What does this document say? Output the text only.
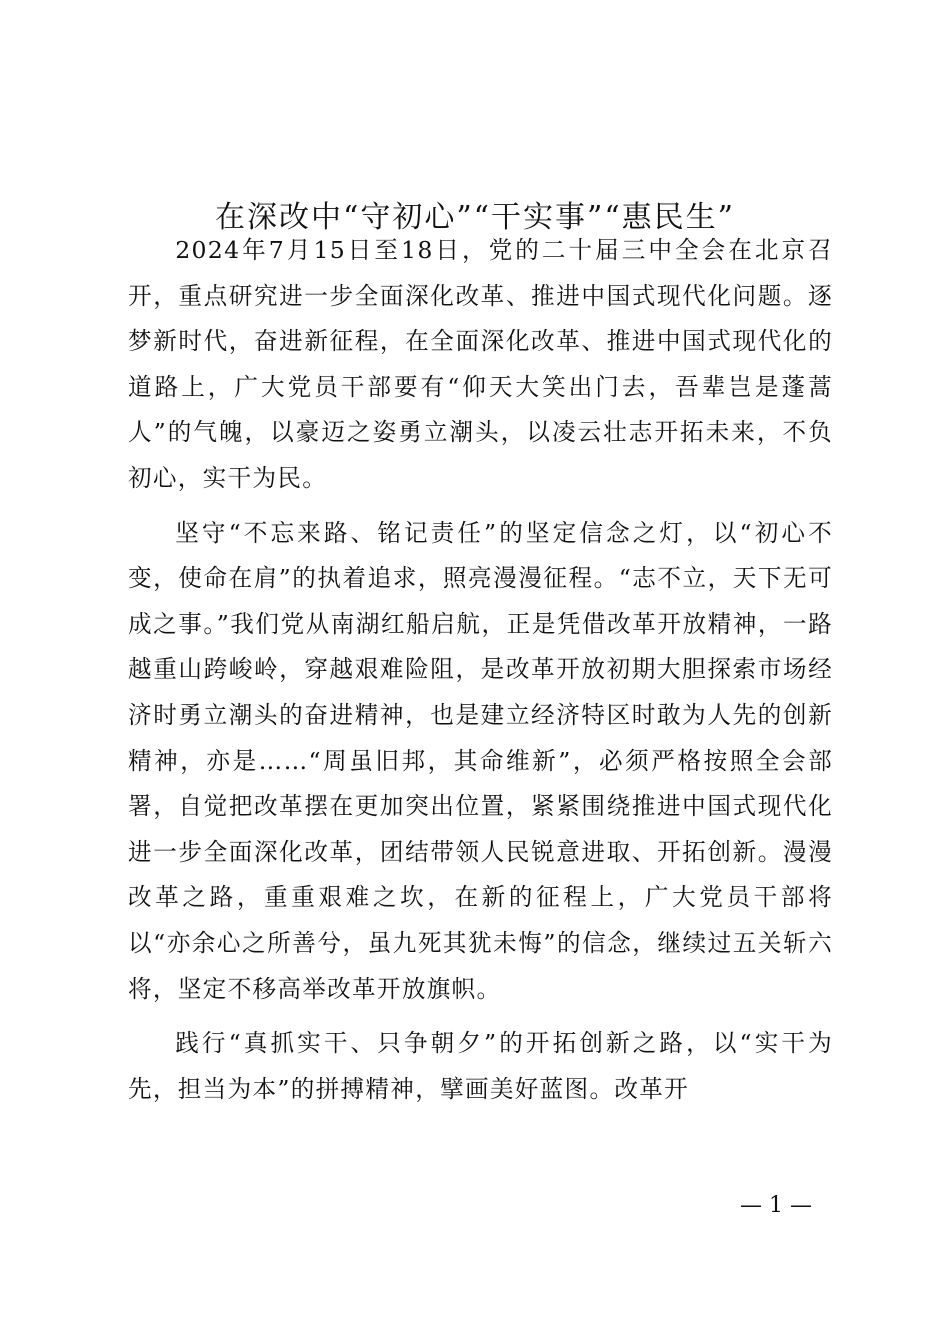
在深改中“守初心”“干实事”“惠民生”

2024年7月15日至18日，党的二十届三中全会在北京召开，重点研究进一步全面深化改革、推进中国式现代化问题。逐梦新时代，奋进新征程，在全面深化改革、推进中国式现代化的道路上，广大党员干部要有“仰天大笑出门去，吾辈岂是蓬蒿人”的气魄，以豪迈之姿勇立潮头，以凌云壮志开拓未来，不负初心，实干为民。

坚守“不忘来路、铭记责任”的坚定信念之灯，以“初心不变，使命在肩”的执着追求，照亮漫漫征程。“志不立，天下无可成之事。”我们党从南湖红船启航，正是凭借改革开放精神，一路越重山跨峻岭，穿越艰难险阻，是改革开放初期大胆探索市场经济时勇立潮头的奋进精神，也是建立经济特区时敢为人先的创新精神，亦是……“周虽旧邦，其命维新”，必须严格按照全会部署，自觉把改革摆在更加突出位置，紧紧围绕推进中国式现代化进一步全面深化改革，团结带领人民锐意进取、开拓创新。漫漫改革之路，重重艰难之坎，在新的征程上，广大党员干部将以“亦余心之所善兮，虽九死其犹未悔”的信念，继续过五关斩六将，坚定不移高举改革开放旗帜。

践行“真抓实干、只争朝夕”的开拓创新之路，以“实干为先，担当为本”的拼搏精神，擘画美好蓝图。改革开

— 1 —
